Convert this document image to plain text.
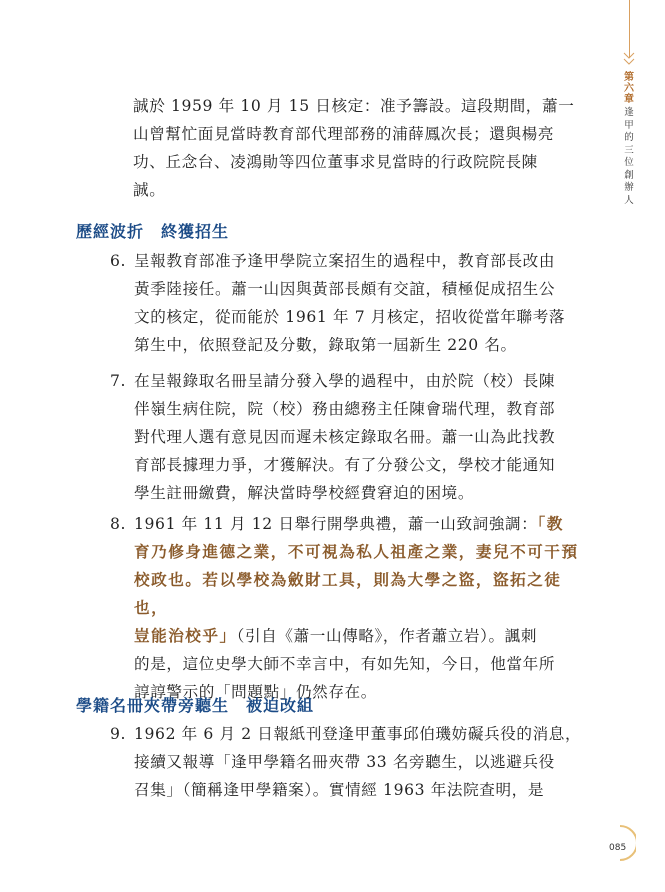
第六章
逢甲的三位創辦人
誠於 1959 年 10 月 15 日核定：准予籌設。這段期間，蕭一
山曾幫忙面見當時教育部代理部務的浦薛鳳次長；還與楊亮
功、丘念台、凌鴻勛等四位董事求見當時的行政院院長陳
誠。
歷經波折　終獲招生
6. 呈報教育部准予逢甲學院立案招生的過程中，教育部長改由
黃季陸接任。蕭一山因與黃部長頗有交誼，積極促成招生公
文的核定，從而能於 1961 年 7 月核定，招收從當年聯考落
第生中，依照登記及分數，錄取第一屆新生 220 名。
7. 在呈報錄取名冊呈請分發入學的過程中，由於院（校）長陳
伴嶺生病住院，院（校）務由總務主任陳會瑞代理，教育部
對代理人選有意見因而遲未核定錄取名冊。蕭一山為此找教
育部長據理力爭，才獲解決。有了分發公文，學校才能通知
學生註冊繳費，解決當時學校經費窘迫的困境。
8. 1961 年 11 月 12 日舉行開學典禮，蕭一山致詞強調：「教
育乃修身進德之業，不可視為私人祖產之業，妻兒不可干預
校政也。若以學校為斂財工具，則為大學之盜，盜拓之徒也，
豈能治校乎」（引自《蕭一山傳略》，作者蕭立岩）。諷刺
的是，這位史學大師不幸言中，有如先知，今日，他當年所
諄諄警示的「問題點」仍然存在。
學籍名冊夾帶旁聽生　被迫改組
9. 1962 年 6 月 2 日報紙刊登逢甲董事邱伯璣妨礙兵役的消息，
接續又報導「逢甲學籍名冊夾帶 33 名旁聽生，以逃避兵役
召集」（簡稱逢甲學籍案）。實情經 1963 年法院查明，是
085
